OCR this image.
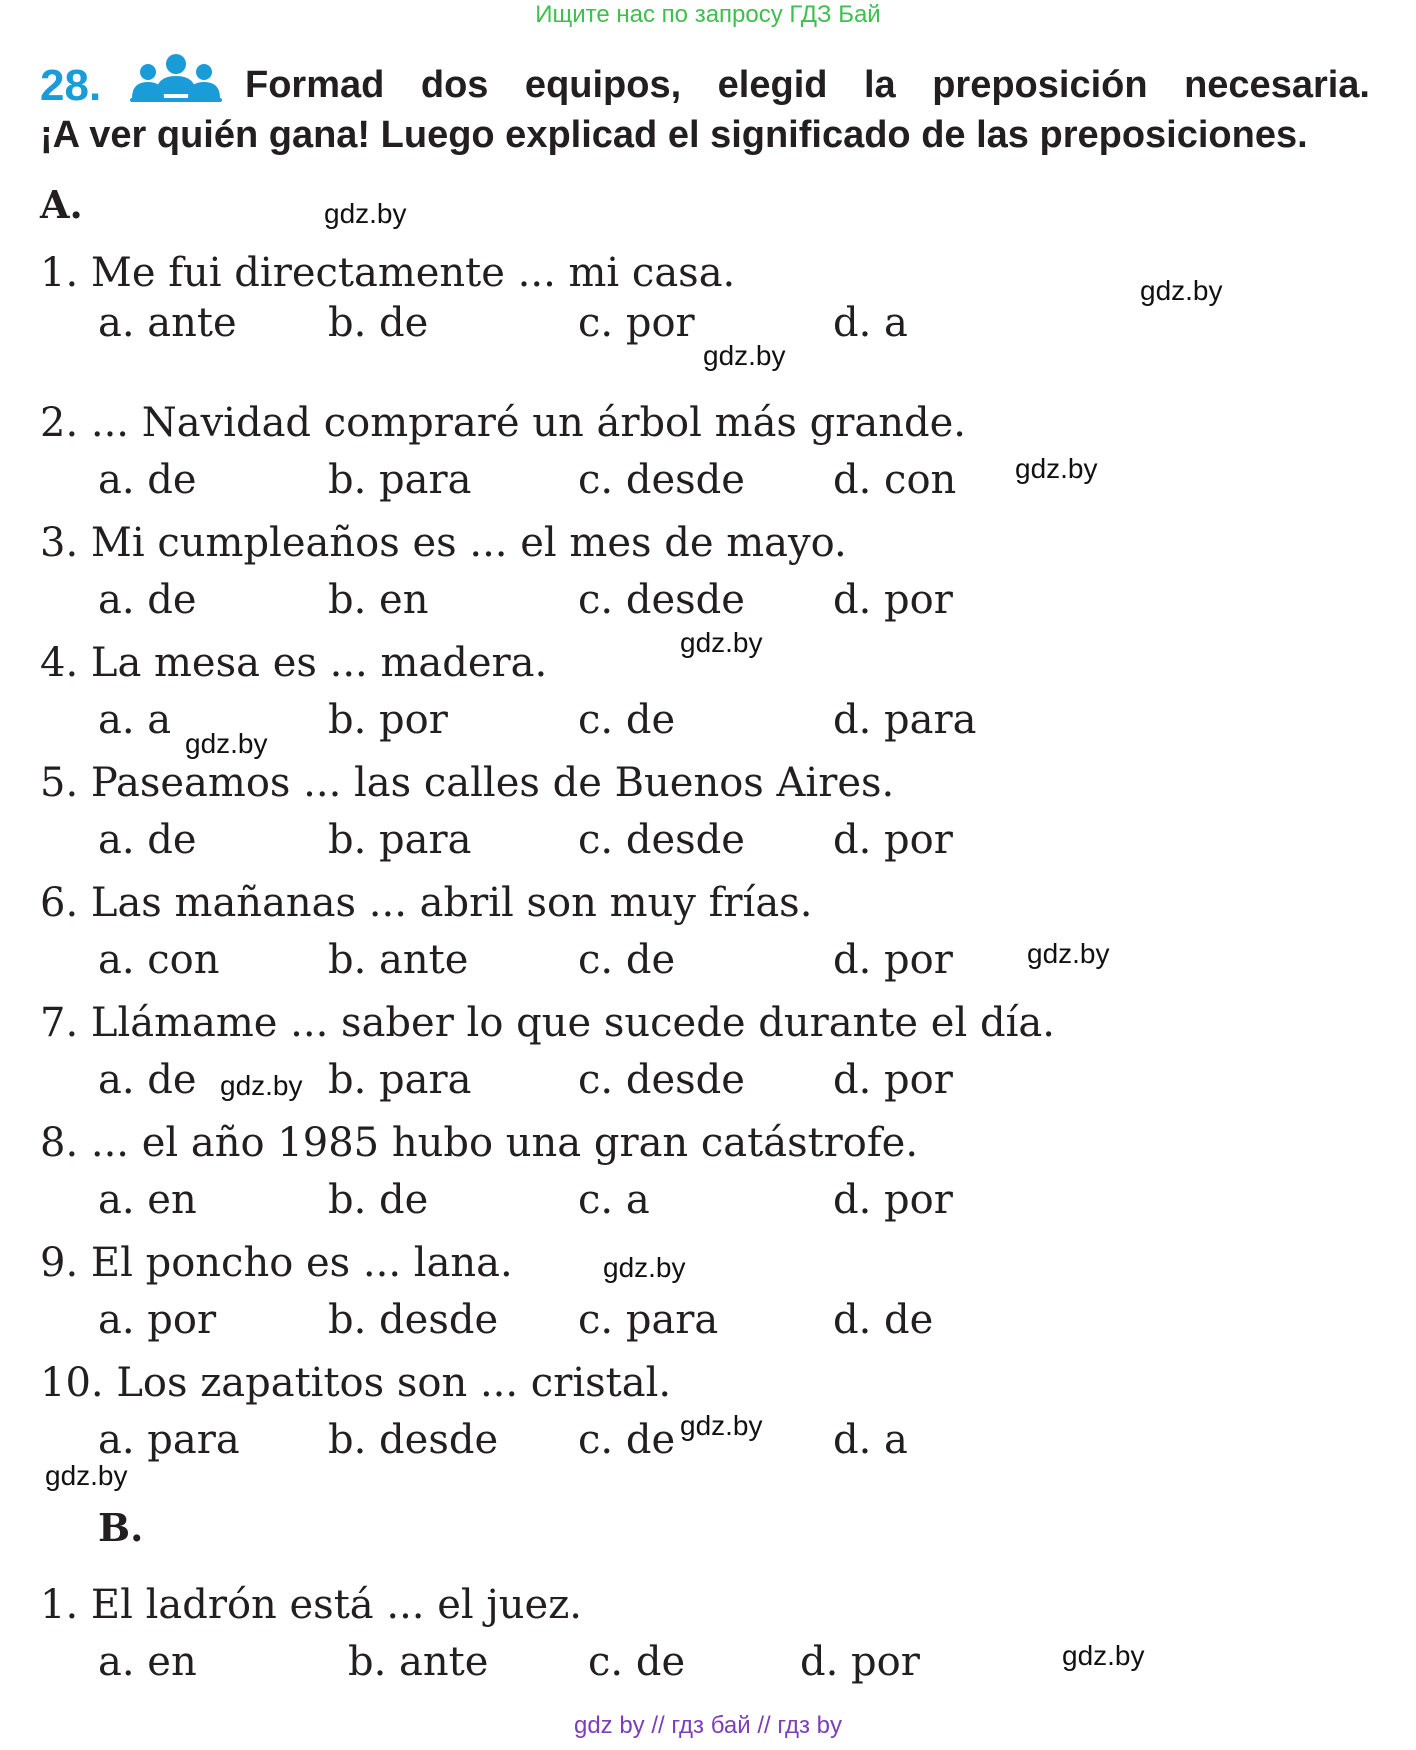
Ищите нас по запросу ГДЗ Бай
28.	Formad dos equipos, elegid la preposición necesaria.
¡A ver quién gana! Luego explicad el significado de las preposiciones.
A.
1. Me fui directamente ... mi casa.
a. ante b. de	c. por	d. a
2. ... Navidad compraré un árbol más grande.
a. de	b. para	c. desde d. con
3. Mi cumpleaños es ... el mes de mayo.
a. de	b. en	c. desde d. por
4. La mesa es ... madera.
a. a	b. por	c. de	d. para
5. Paseamos ... las calles de Buenos Aires.
a. de	b. para	c. desde d. por
6. Las mañanas ... abril son muy frías.
a. con	b. ante	c. de	d. por
7. Llámame ... saber lo que sucede durante el día.
a. de	b. para	c. desde d. por
8. ... el año 1985 hubo una gran catástrofe.
a. en	b. de	c. a	d. por
9. El poncho es ... lana.
a. por	b. desde c. para	d. de
10. Los zapatitos son ... cristal.
a. para b. desde c. de	d. a
B.
1. El ladrón está ... el juez.
a. en	b. ante c. de	d. por
gdz.by
gdz.by
gdz.by
gdz.by
gdz.by
gdz.by
gdz.by
gdz.by
gdz.by
gdz.by
gdz.by
gdz.by
gdz by // гдз бай // гдз by
